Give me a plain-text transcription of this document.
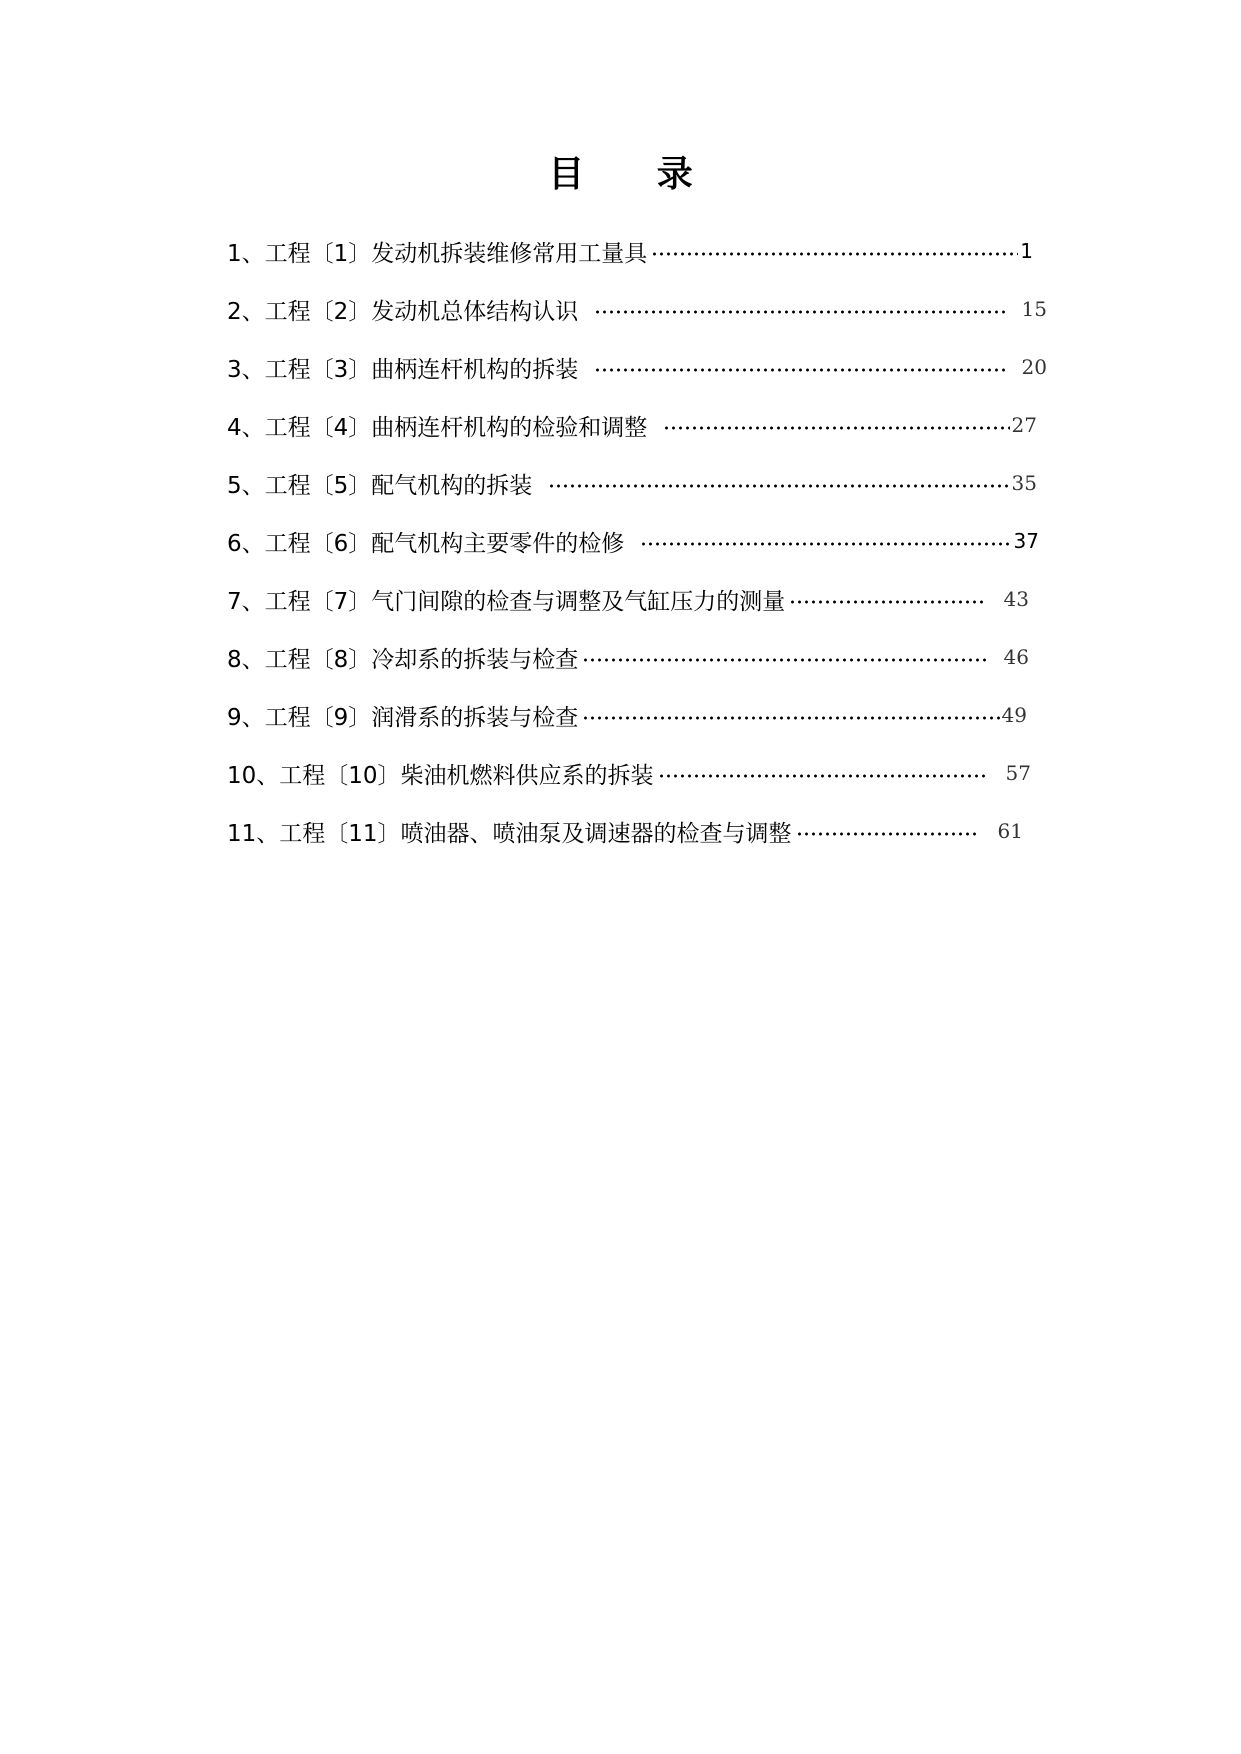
目 录
1、工程〔1〕发动机拆装维修常用工量具	1
2、工程〔2〕发动机总体结构认识	15
3、工程〔3〕曲柄连杆机构的拆装	20
4、工程〔4〕曲柄连杆机构的检验和调整	27
5、工程〔5〕配气机构的拆装	35
6、工程〔6〕配气机构主要零件的检修	37
7、工程〔7〕气门间隙的检查与调整及气缸压力的测量	43
8、工程〔8〕冷却系的拆装与检查	46
9、工程〔9〕润滑系的拆装与检查	49
10、工程〔10〕柴油机燃料供应系的拆装	57
11、工程〔11〕喷油器、喷油泵及调速器的检查与调整	61
